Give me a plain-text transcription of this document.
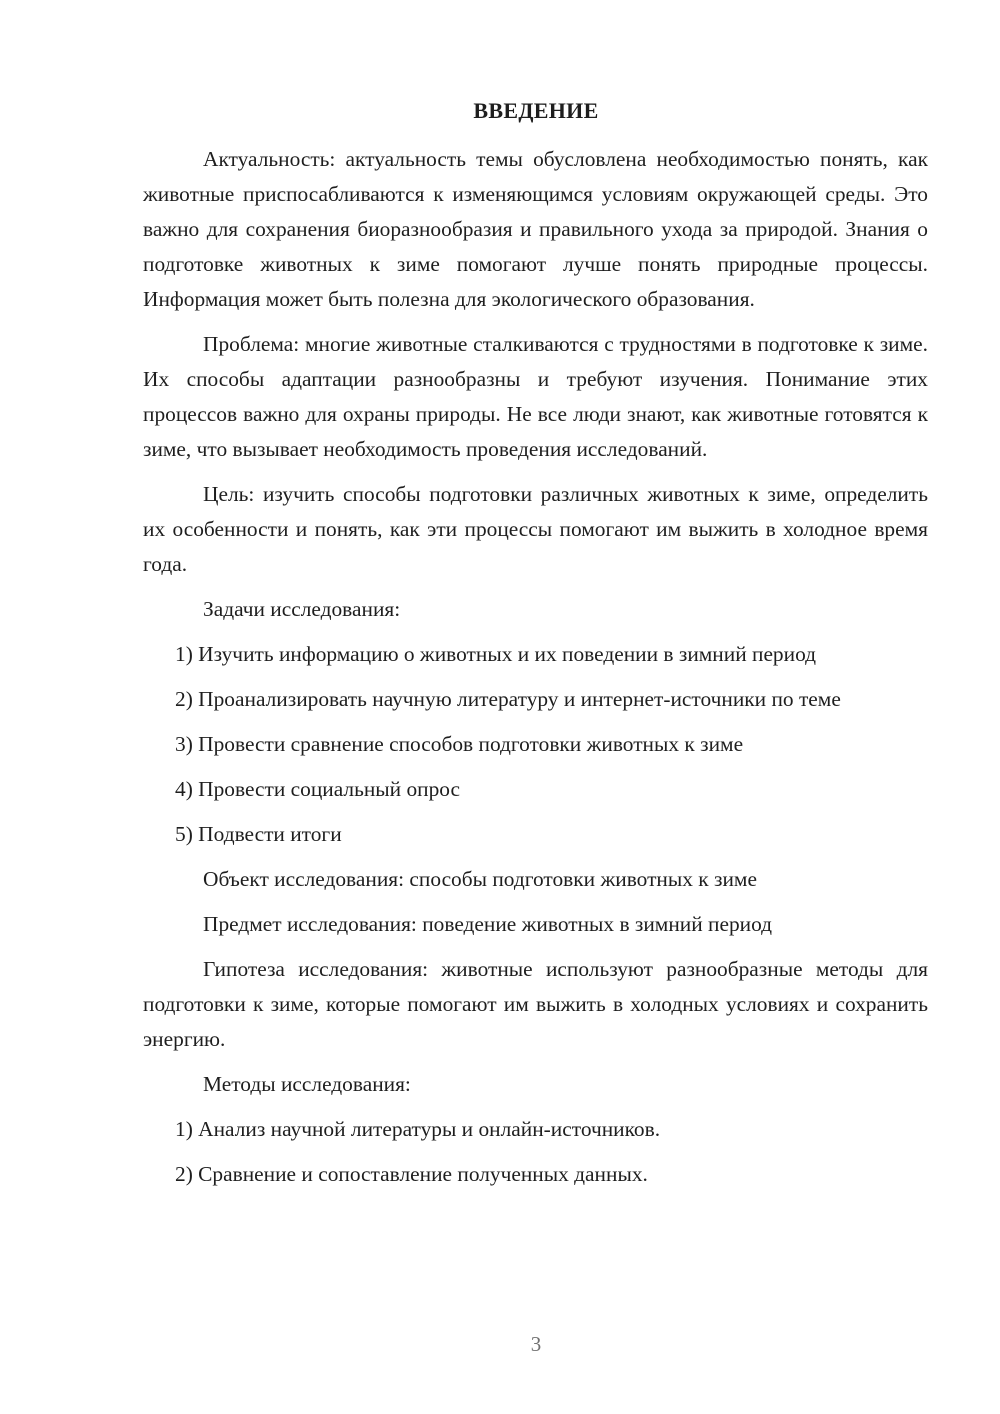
ВВЕДЕНИЕ

Актуальность: актуальность темы обусловлена необходимостью понять, как животные приспосабливаются к изменяющимся условиям окружающей среды. Это важно для сохранения биоразнообразия и правильного ухода за природой. Знания о подготовке животных к зиме помогают лучше понять природные процессы. Информация может быть полезна для экологического образования.

Проблема: многие животные сталкиваются с трудностями в подготовке к зиме. Их способы адаптации разнообразны и требуют изучения. Понимание этих процессов важно для охраны природы. Не все люди знают, как животные готовятся к зиме, что вызывает необходимость проведения исследований.

Цель: изучить способы подготовки различных животных к зиме, определить их особенности и понять, как эти процессы помогают им выжить в холодное время года.

Задачи исследования:

1) Изучить информацию о животных и их поведении в зимний период

2) Проанализировать научную литературу и интернет-источники по теме

3) Провести сравнение способов подготовки животных к зиме

4) Провести социальный опрос

5) Подвести итоги

Объект исследования: способы подготовки животных к зиме

Предмет исследования: поведение животных в зимний период

Гипотеза исследования: животные используют разнообразные методы для подготовки к зиме, которые помогают им выжить в холодных условиях и сохранить энергию.

Методы исследования:

1) Анализ научной литературы и онлайн-источников.

2) Сравнение и сопоставление полученных данных.

3
